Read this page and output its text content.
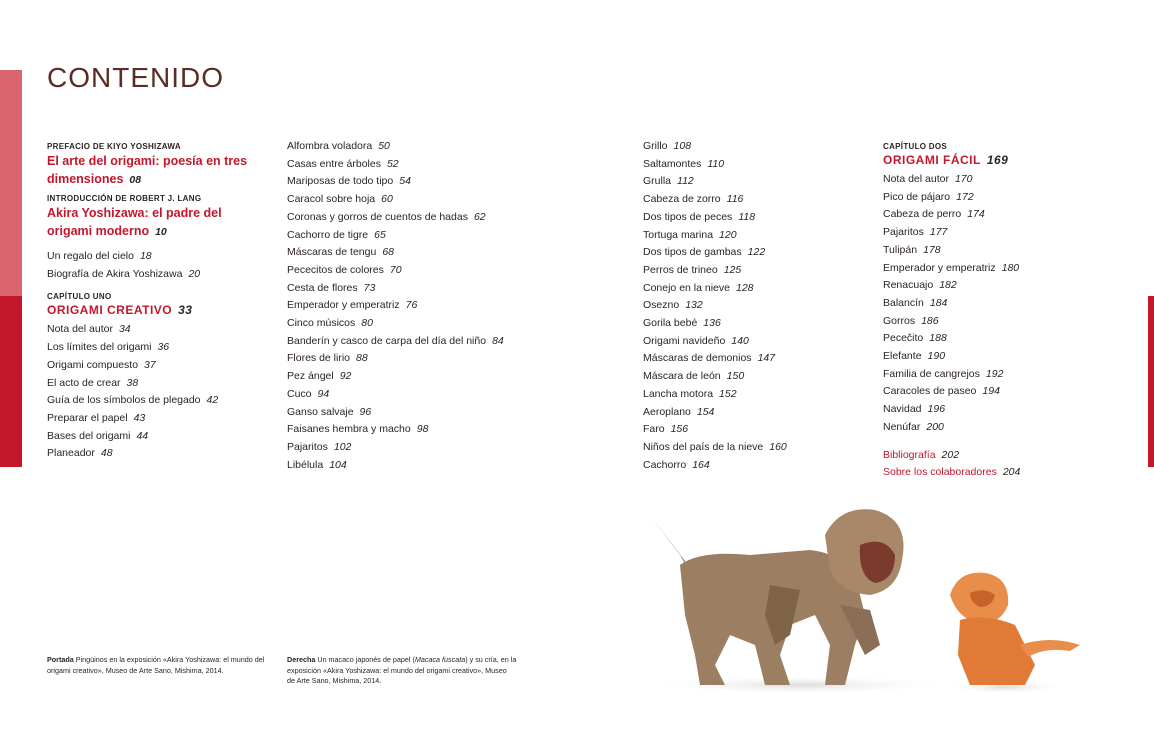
CONTENIDO
PREFACIO DE KIYO YOSHIZAWA
El arte del origami: poesía en tres
dimensiones 08
INTRODUCCIÓN DE ROBERT J. LANG
Akira Yoshizawa: el padre del
origami moderno 10
Un regalo del cielo 18
Biografía de Akira Yoshizawa 20
CAPÍTULO UNO
ORIGAMI CREATIVO 33
Nota del autor 34
Los límites del origami 36
Origami compuesto 37
El acto de crear 38
Guía de los símbolos de plegado 42
Preparar el papel 43
Bases del origami 44
Planeador 48
Alfombra voladora 50
Casas entre árboles 52
Mariposas de todo tipo 54
Caracol sobre hoja 60
Coronas y gorros de cuentos de hadas 62
Cachorro de tigre 65
Máscaras de tengu 68
Pececitos de colores 70
Cesta de flores 73
Emperador y emperatriz 76
Cinco músicos 80
Banderín y casco de carpa del día del niño 84
Flores de lirio 88
Pez ángel 92
Cuco 94
Ganso salvaje 96
Faisanes hembra y macho 98
Pajaritos 102
Libélula 104
Grillo 108
Saltamontes 110
Grulla 112
Cabeza de zorro 116
Dos tipos de peces 118
Tortuga marina 120
Dos tipos de gambas 122
Perros de trineo 125
Conejo en la nieve 128
Osezno 132
Gorila bebé 136
Origami navideño 140
Máscaras de demonios 147
Máscara de león 150
Lancha motora 152
Aeroplano 154
Faro 156
Niños del país de la nieve 160
Cachorro 164
CAPÍTULO DOS
ORIGAMI FÁCIL 169
Nota del autor 170
Pico de pájaro 172
Cabeza de perro 174
Pajaritos 177
Tulipán 178
Emperador y emperatriz 180
Renacuajo 182
Balancín 184
Gorros 186
Pecečito 188
Elefante 190
Familia de cangrejos 192
Caracoles de paseo 194
Navidad 196
Nenúfar 200
Bibliografía 202
Sobre los colaboradores 204
Portada Pingüinos en la exposición «Akira Yoshizawa: el mundo del
origami creativo», Museo de Arte Sano, Mishima, 2014.
Derecha Un macaco japonés de papel (Macaca fuscata) y su cría, en la
exposición «Akira Yoshizawa: el mundo del origami creativo», Museo
de Arte Sano, Mishima, 2014.
